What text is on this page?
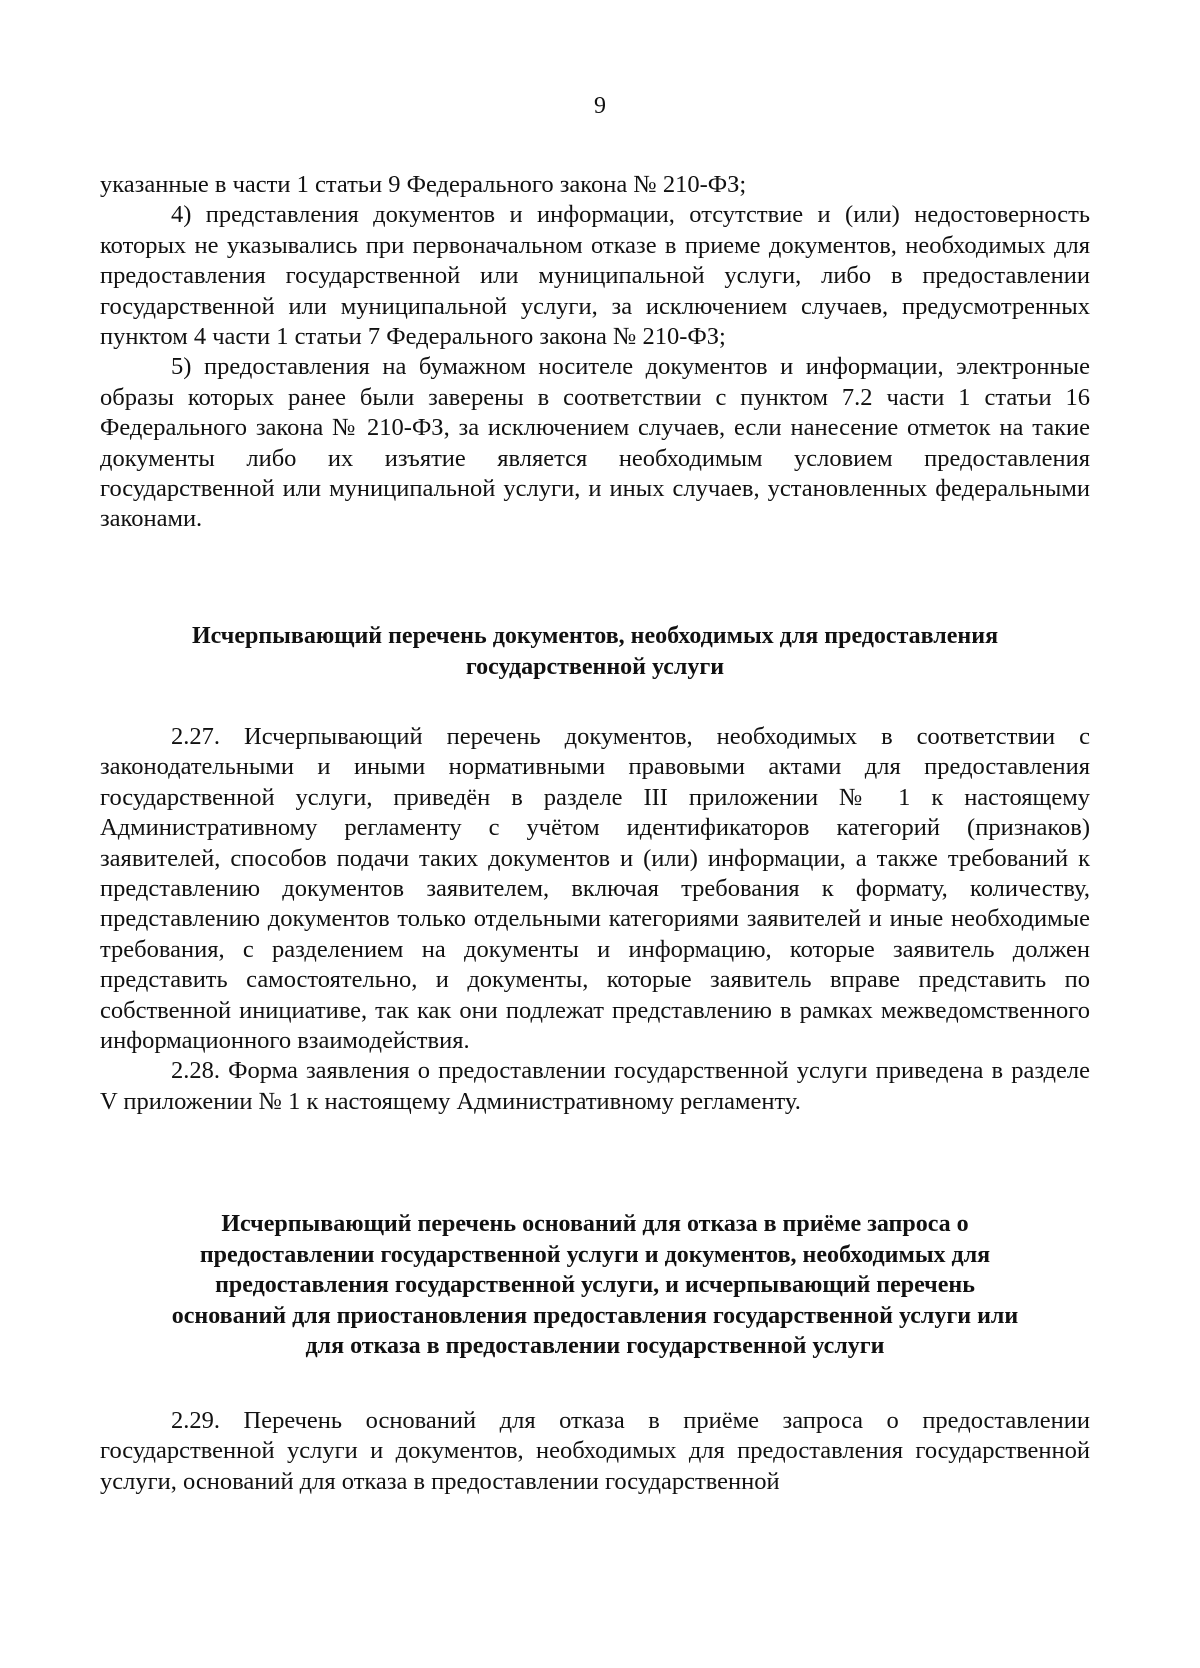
9

указанные в части 1 статьи 9 Федерального закона № 210-ФЗ;

4) представления документов и информации, отсутствие и (или) недостоверность которых не указывались при первоначальном отказе в приеме документов, необходимых для предоставления государственной или муниципальной услуги, либо в предоставлении государственной или муниципальной услуги, за исключением случаев, предусмотренных пунктом 4 части 1 статьи 7 Федерального закона № 210-ФЗ;

5) предоставления на бумажном носителе документов и информации, электронные образы которых ранее были заверены в соответствии с пунктом 7.2 части 1 статьи 16 Федерального закона № 210-ФЗ, за исключением случаев, если нанесение отметок на такие документы либо их изъятие является необходимым условием предоставления государственной или муниципальной услуги, и иных случаев, установленных федеральными законами.

Исчерпывающий перечень документов, необходимых для предоставления
государственной услуги

2.27. Исчерпывающий перечень документов, необходимых в соответствии с законодательными и иными нормативными правовыми актами для предоставления государственной услуги, приведён в разделе III приложении № 1 к настоящему Административному регламенту с учётом идентификаторов категорий (признаков) заявителей, способов подачи таких документов и (или) информации, а также требований к представлению документов заявителем, включая требования к формату, количеству, представлению документов только отдельными категориями заявителей и иные необходимые требования, с разделением на документы и информацию, которые заявитель должен представить самостоятельно, и документы, которые заявитель вправе представить по собственной инициативе, так как они подлежат представлению в рамках межведомственного информационного взаимодействия.

2.28. Форма заявления о предоставлении государственной услуги приведена в разделе V приложении № 1 к настоящему Административному регламенту.

Исчерпывающий перечень оснований для отказа в приёме запроса о
предоставлении государственной услуги и документов, необходимых для
предоставления государственной услуги, и исчерпывающий перечень
оснований для приостановления предоставления государственной услуги или
для отказа в предоставлении государственной услуги

2.29. Перечень оснований для отказа в приёме запроса о предоставлении государственной услуги и документов, необходимых для предоставления государственной услуги, оснований для отказа в предоставлении государственной
